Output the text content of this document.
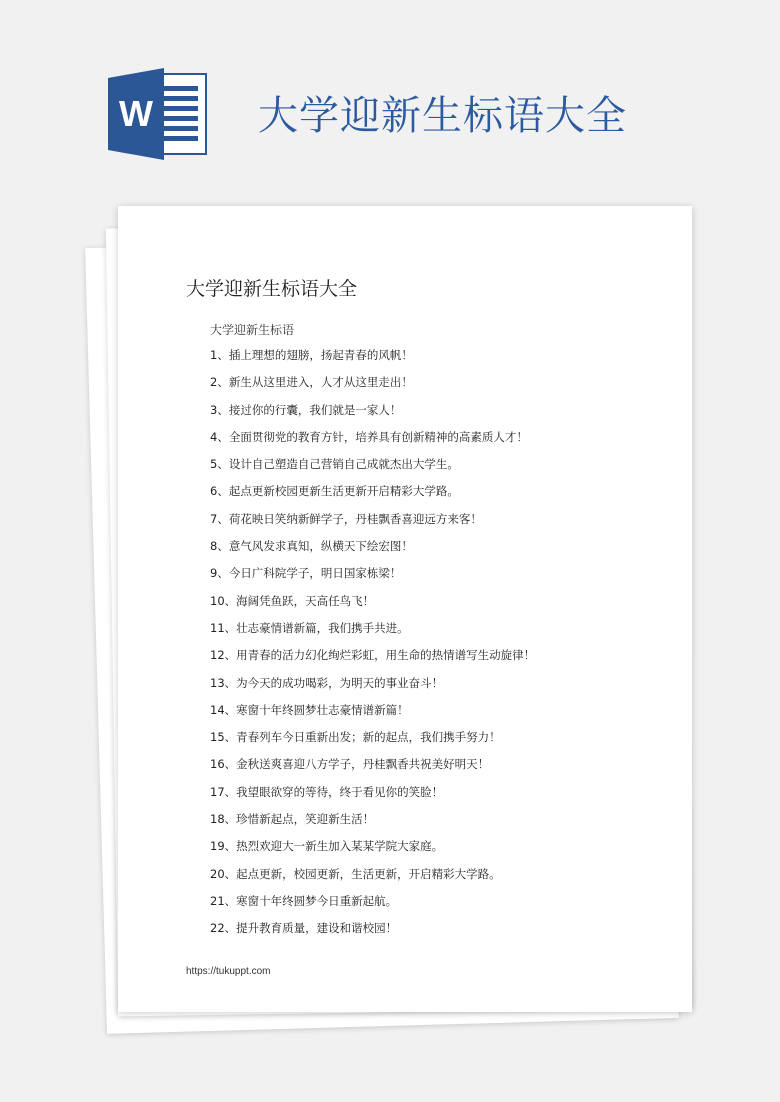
W	大学迎新生标语大全
大学迎新生标语大全
大学迎新生标语
1、插上理想的翅膀，扬起青春的风帆！
2、新生从这里进入，人才从这里走出！
3、接过你的行囊，我们就是一家人！
4、全面贯彻党的教育方针，培养具有创新精神的高素质人才！
5、设计自己塑造自己营销自己成就杰出大学生。
6、起点更新校园更新生活更新开启精彩大学路。
7、荷花映日笑纳新鲜学子，丹桂飘香喜迎远方来客！
8、意气风发求真知，纵横天下绘宏图！
9、今日广科院学子，明日国家栋梁！
10、海阔凭鱼跃，天高任鸟飞！
11、壮志豪情谱新篇，我们携手共进。
12、用青春的活力幻化绚烂彩虹，用生命的热情谱写生动旋律！
13、为今天的成功喝彩，为明天的事业奋斗！
14、寒窗十年终圆梦壮志豪情谱新篇！
15、青春列车今日重新出发；新的起点，我们携手努力！
16、金秋送爽喜迎八方学子，丹桂飘香共祝美好明天！
17、我望眼欲穿的等待，终于看见你的笑脸！
18、珍惜新起点，笑迎新生活！
19、热烈欢迎大一新生加入某某学院大家庭。
20、起点更新，校园更新，生活更新，开启精彩大学路。
21、寒窗十年终圆梦今日重新起航。
22、提升教育质量，建设和谐校园！
https://tukuppt.com
